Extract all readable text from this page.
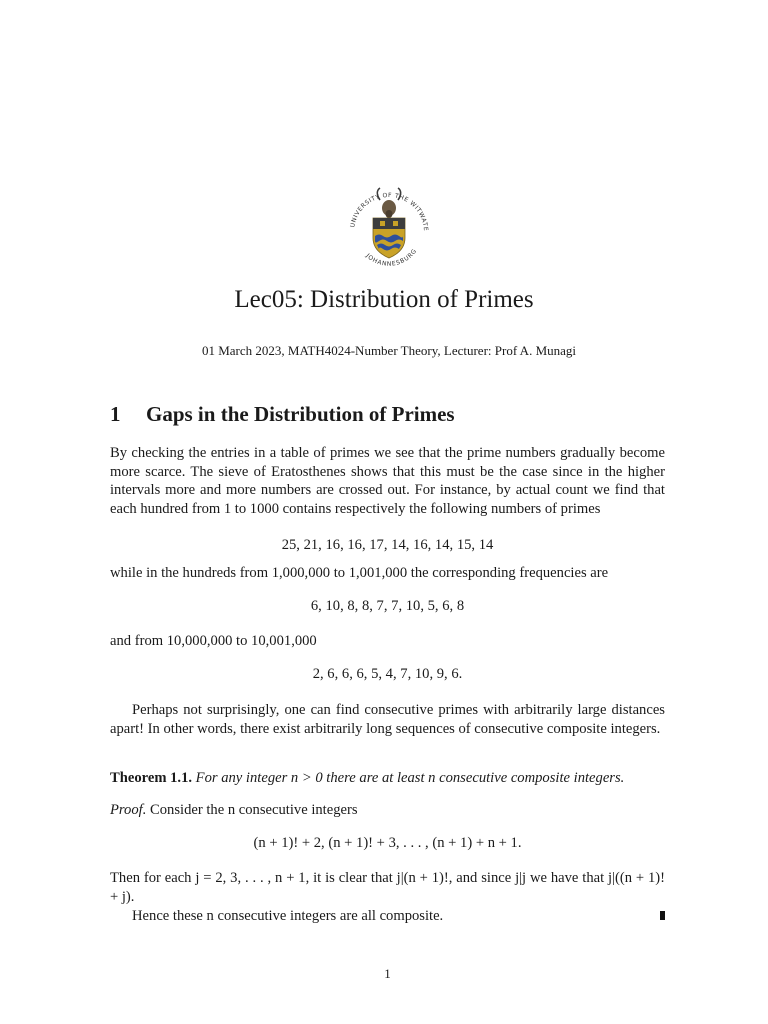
UNIVERSITY OF THE WITWATE
JOHANNESBURG
Lec05: Distribution of Primes
01 March 2023, MATH4024-Number Theory, Lecturer: Prof A. Munagi
1 Gaps in the Distribution of Primes
By checking the entries in a table of primes we see that the prime numbers gradually become more scarce. The sieve of Eratosthenes shows that this must be the case since in the higher intervals more and more numbers are crossed out. For instance, by actual count we find that each hundred from 1 to 1000 contains respectively the following numbers of primes
25, 21, 16, 16, 17, 14, 16, 14, 15, 14
while in the hundreds from 1,000,000 to 1,001,000 the corresponding frequencies are
6, 10, 8, 8, 7, 7, 10, 5, 6, 8
and from 10,000,000 to 10,001,000
2, 6, 6, 6, 5, 4, 7, 10, 9, 6.
Perhaps not surprisingly, one can find consecutive primes with arbitrarily large distances apart! In other words, there exist arbitrarily long sequences of consecutive composite integers.
Theorem 1.1. For any integer n > 0 there are at least n consecutive composite integers.
Proof. Consider the n consecutive integers
(n + 1)! + 2, (n + 1)! + 3, . . . , (n + 1) + n + 1.
Then for each j = 2, 3, . . . , n + 1, it is clear that j|(n + 1)!, and since j|j we have that j|((n + 1)! + j).
Hence these n consecutive integers are all composite.
1
